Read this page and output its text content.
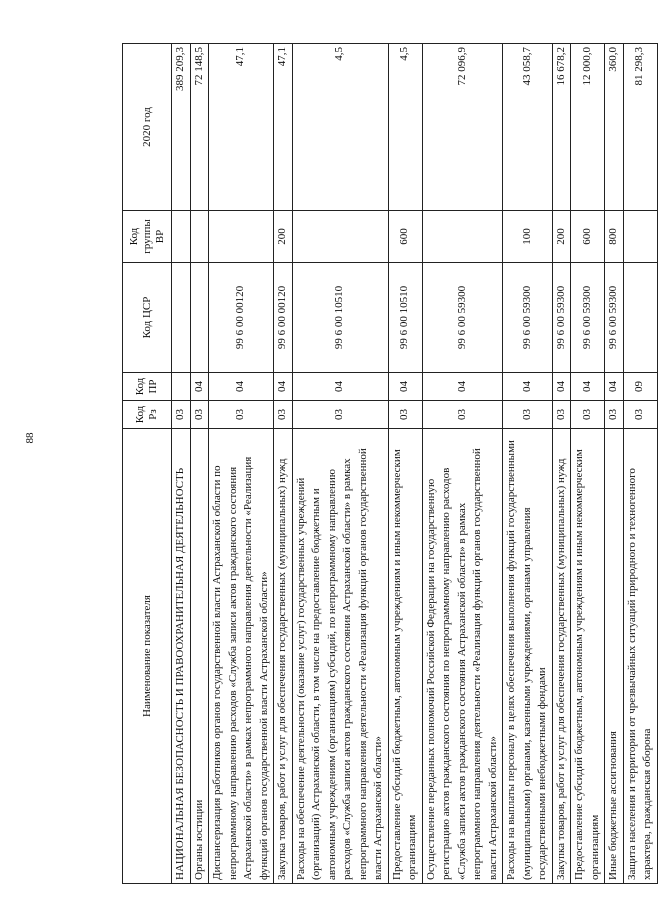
88
Наименование показателя	Код Рз	Код ПР	Код ЦСР	Код группы ВР	2020 год
НАЦИОНАЛЬНАЯ БЕЗОПАСНОСТЬ И ПРАВООХРАНИТЕЛЬНАЯ ДЕЯТЕЛЬНОСТЬ	03				389 209,3
Органы юстиции	03	04			72 148,5
Диспансеризация работников органов государственной власти Астраханской области по непрограммному направлению расходов «Служба записи актов гражданского состояния Астраханской области» в рамках непрограммного направления деятельности «Реализация функций органов государственной власти Астраханской области»	03	04	99 6 00 00120		47,1
Закупка товаров, работ и услуг для обеспечения государственных (муниципальных) нужд	03	04	99 6 00 00120	200	47,1
Расходы на обеспечение деятельности (оказание услуг) государственных учреждений (организаций) Астраханской области, в том числе на предоставление бюджетным и автономным учреждениям (организациям) субсидий, по непрограммному направлению расходов «Служба записи актов гражданского состояния Астраханской области» в рамках непрограммного направления деятельности «Реализация функций органов государственной власти Астраханской области»	03	04	99 6 00 10510		4,5
Предоставление субсидий бюджетным, автономным учреждениям и иным некоммерческим организациям	03	04	99 6 00 10510	600	4,5
Осуществление переданных полномочий Российской Федерации на государственную регистрацию актов гражданского состояния по непрограммному направлению расходов «Служба записи актов гражданского состояния Астраханской области» в рамках непрограммного направления деятельности «Реализация функций органов государственной власти Астраханской области»	03	04	99 6 00 59300		72 096,9
Расходы на выплаты персоналу в целях обеспечения выполнения функций государственными (муниципальными) органами, казенными учреждениями, органами управления государственными внебюджетными фондами	03	04	99 6 00 59300	100	43 058,7
Закупка товаров, работ и услуг для обеспечения государственных (муниципальных) нужд	03	04	99 6 00 59300	200	16 678,2
Предоставление субсидий бюджетным, автономным учреждениям и иным некоммерческим организациям	03	04	99 6 00 59300	600	12 000,0
Иные бюджетные ассигнования	03	04	99 6 00 59300	800	360,0
Защита населения и территории от чрезвычайных ситуаций природного и техногенного характера, гражданская оборона	03	09			81 298,3
